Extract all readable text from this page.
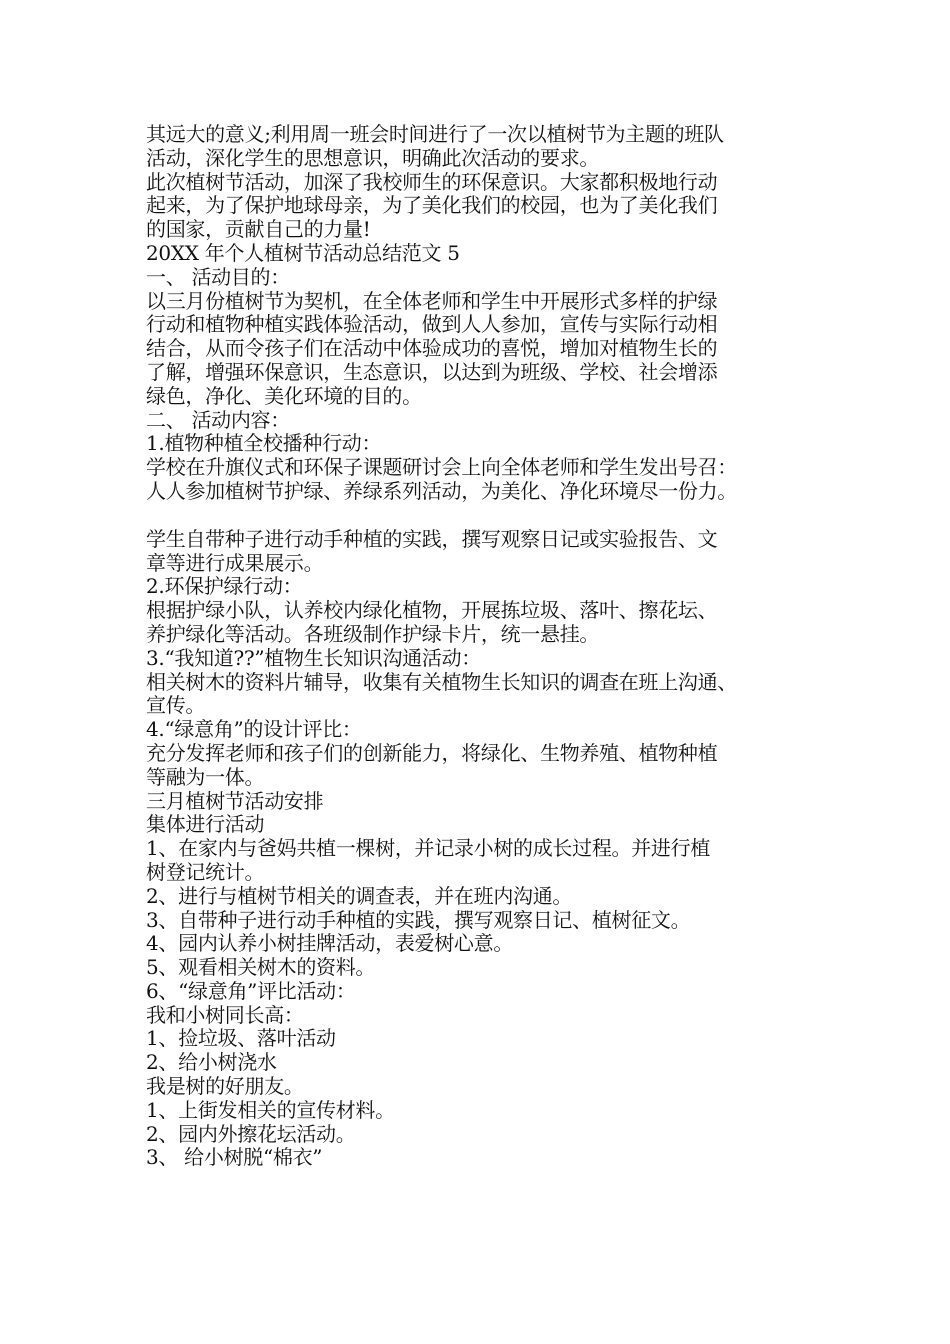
其远大的意义;利用周一班会时间进行了一次以植树节为主题的班队
活动，深化学生的思想意识，明确此次活动的要求。

此次植树节活动，加深了我校师生的环保意识。大家都积极地行动
起来，为了保护地球母亲，为了美化我们的校园，也为了美化我们
的国家，贡献自己的力量!

20XX 年个人植树节活动总结范文 5

一、 活动目的：

以三月份植树节为契机，在全体老师和学生中开展形式多样的护绿
行动和植物种植实践体验活动，做到人人参加，宣传与实际行动相
结合，从而令孩子们在活动中体验成功的喜悦，增加对植物生长的
了解，增强环保意识，生态意识，以达到为班级、学校、社会增添
绿色，净化、美化环境的目的。

二、 活动内容：

1.植物种植全校播种行动：

学校在升旗仪式和环保子课题研讨会上向全体老师和学生发出号召：
人人参加植树节护绿、养绿系列活动，为美化、净化环境尽一份力。

学生自带种子进行动手种植的实践，撰写观察日记或实验报告、文
章等进行成果展示。

2.环保护绿行动：

根据护绿小队，认养校内绿化植物，开展拣垃圾、落叶、擦花坛、
养护绿化等活动。各班级制作护绿卡片，统一悬挂。

3.“我知道??”植物生长知识沟通活动：

相关树木的资料片辅导，收集有关植物生长知识的调查在班上沟通、
宣传。

4.“绿意角”的设计评比：

充分发挥老师和孩子们的创新能力，将绿化、生物养殖、植物种植
等融为一体。

三月植树节活动安排

集体进行活动

1、在家内与爸妈共植一棵树，并记录小树的成长过程。并进行植
树登记统计。

2、进行与植树节相关的调查表，并在班内沟通。

3、自带种子进行动手种植的实践，撰写观察日记、植树征文。

4、园内认养小树挂牌活动，表爱树心意。

5、观看相关树木的资料。

6、“绿意角”评比活动：

我和小树同长高：

1、捡垃圾、落叶活动

2、给小树浇水

我是树的好朋友。

1、上街发相关的宣传材料。

2、园内外擦花坛活动。

3、 给小树脱“棉衣”
